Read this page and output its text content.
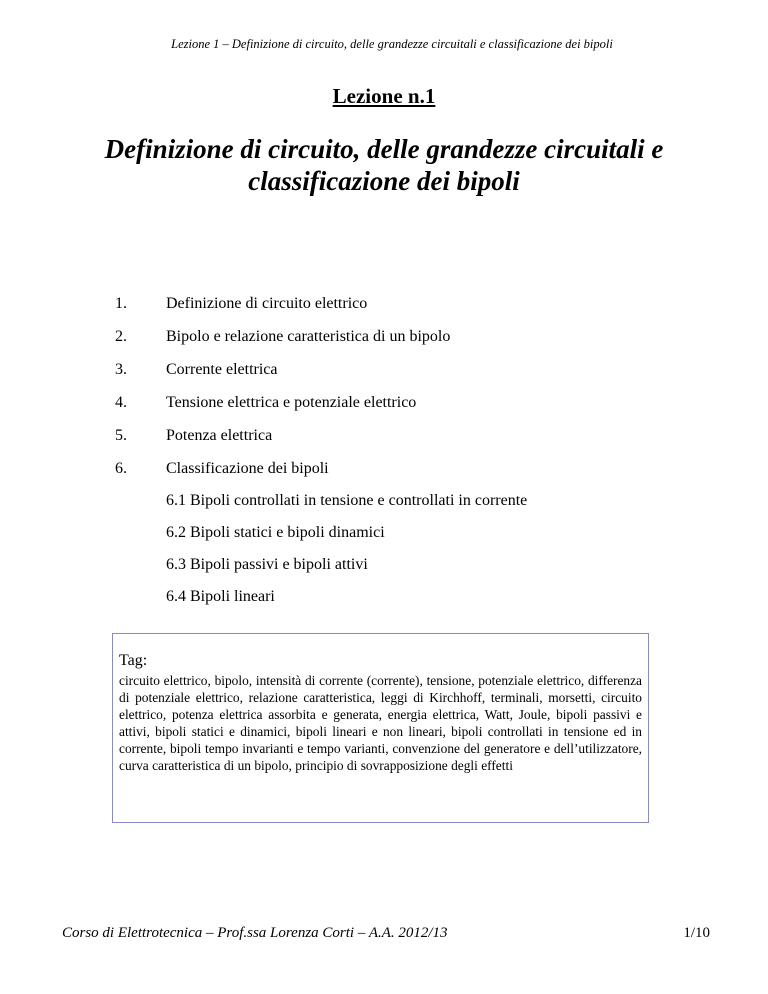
Lezione 1 – Definizione di circuito, delle grandezze circuitali e classificazione dei bipoli
Lezione n.1
Definizione di circuito, delle grandezze circuitali e classificazione dei bipoli
1. Definizione di circuito elettrico
2. Bipolo e relazione caratteristica di un bipolo
3. Corrente elettrica
4. Tensione elettrica e potenziale elettrico
5. Potenza elettrica
6. Classificazione dei bipoli
6.1 Bipoli controllati in tensione e controllati in corrente
6.2 Bipoli statici e bipoli dinamici
6.3 Bipoli passivi e bipoli attivi
6.4 Bipoli lineari
Tag:
circuito elettrico, bipolo, intensità di corrente (corrente), tensione, potenziale elettrico, differenza di potenziale elettrico, relazione caratteristica, leggi di Kirchhoff, terminali, morsetti, circuito elettrico, potenza elettrica assorbita e generata, energia elettrica, Watt, Joule, bipoli passivi e attivi, bipoli statici e dinamici, bipoli lineari e non lineari, bipoli controllati in tensione ed in corrente, bipoli tempo invarianti e tempo varianti, convenzione del generatore e dell’utilizzatore, curva caratteristica di un bipolo, principio di sovrapposizione degli effetti
Corso di Elettrotecnica – Prof.ssa Lorenza Corti – A.A. 2012/13	1/10
